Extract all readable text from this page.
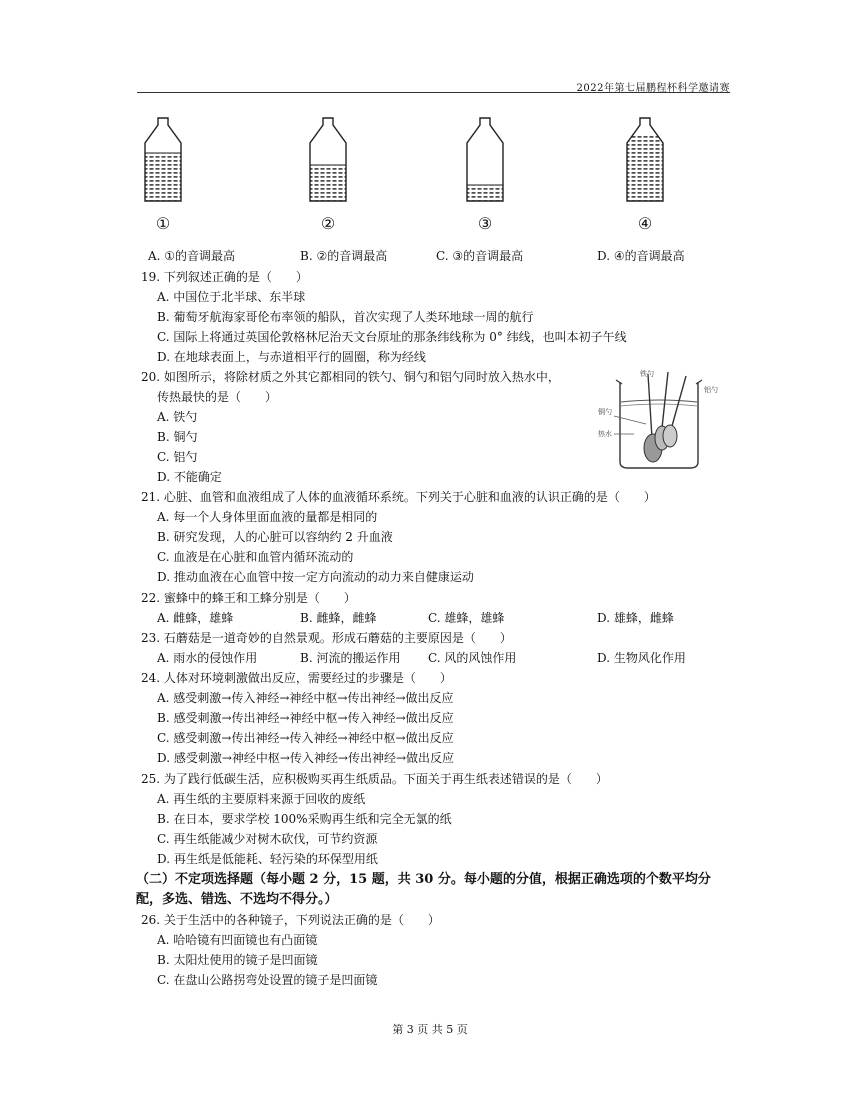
2022年第七届鹏程杯科学邀请赛
①	②	③	④
A. ①的音调最高	B. ②的音调最高	C. ③的音调最高	D. ④的音调最高
19. 下列叙述正确的是（　　）
A. 中国位于北半球、东半球
B. 葡萄牙航海家哥伦布率领的船队，首次实现了人类环地球一周的航行
C. 国际上将通过英国伦敦格林尼治天文台原址的那条纬线称为 0° 纬线，也叫本初子午线
D. 在地球表面上，与赤道相平行的圆圈，称为经线
20. 如图所示，将除材质之外其它都相同的铁勺、铜勺和铝勺同时放入热水中，
传热最快的是（　　）
A. 铁勺
B. 铜勺
C. 铝勺
D. 不能确定
铁勺
铝勺
铜勺
热水
21. 心脏、血管和血液组成了人体的血液循环系统。下列关于心脏和血液的认识正确的是（　　）
A. 每一个人身体里面血液的量都是相同的
B. 研究发现，人的心脏可以容纳约 2 升血液
C. 血液是在心脏和血管内循环流动的
D. 推动血液在心血管中按一定方向流动的动力来自健康运动
22. 蜜蜂中的蜂王和工蜂分别是（　　）
A. 雌蜂，雄蜂	B. 雌蜂，雌蜂	C. 雄蜂，雄蜂	D. 雄蜂，雌蜂
23. 石蘑菇是一道奇妙的自然景观。形成石蘑菇的主要原因是（　　）
A. 雨水的侵蚀作用	B. 河流的搬运作用 C. 风的风蚀作用	D. 生物风化作用
24. 人体对环境刺激做出反应，需要经过的步骤是（　　）
A. 感受刺激→传入神经→神经中枢→传出神经→做出反应
B. 感受刺激→传出神经→神经中枢→传入神经→做出反应
C. 感受刺激→传出神经→传入神经→神经中枢→做出反应
D. 感受刺激→神经中枢→传入神经→传出神经→做出反应
25. 为了践行低碳生活，应积极购买再生纸质品。下面关于再生纸表述错误的是（　　）
A. 再生纸的主要原料来源于回收的废纸
B. 在日本，要求学校 100%采购再生纸和完全无氯的纸
C. 再生纸能减少对树木砍伐，可节约资源
D. 再生纸是低能耗、轻污染的环保型用纸
（二）不定项选择题（每小题 2 分，15 题，共 30 分。每小题的分值，根据正确选项的个数平均分
配，多选、错选、不选均不得分。）
26. 关于生活中的各种镜子，下列说法正确的是（　　）
A. 哈哈镜有凹面镜也有凸面镜
B. 太阳灶使用的镜子是凹面镜
C. 在盘山公路拐弯处设置的镜子是凹面镜
第 3 页 共 5 页
